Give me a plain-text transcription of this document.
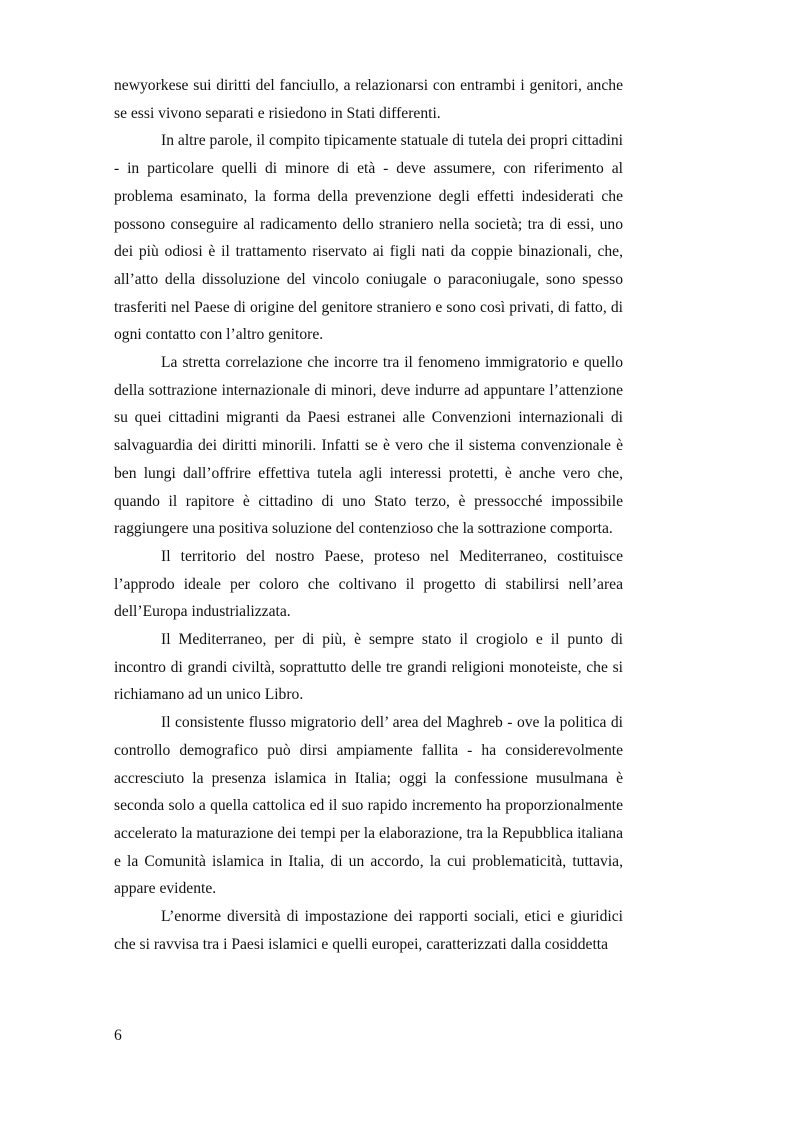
newyorkese sui diritti del fanciullo, a relazionarsi con entrambi i genitori, anche se essi vivono separati e risiedono in Stati differenti.

In altre parole, il compito tipicamente statuale di tutela dei propri cittadini - in particolare quelli di minore di età - deve assumere, con riferimento al problema esaminato, la forma della prevenzione degli effetti indesiderati che possono conseguire al radicamento dello straniero nella società; tra di essi, uno dei più odiosi è il trattamento riservato ai figli nati da coppie binazionali, che, all’atto della dissoluzione del vincolo coniugale o paraconiugale, sono spesso trasferiti nel Paese di origine del genitore straniero e sono così privati, di fatto, di ogni contatto con l’altro genitore.

La stretta correlazione che incorre tra il fenomeno immigratorio e quello della sottrazione internazionale di minori, deve indurre ad appuntare l’attenzione su quei cittadini migranti da Paesi estranei alle Convenzioni internazionali di salvaguardia dei diritti minorili. Infatti se è vero che il sistema convenzionale è ben lungi dall’offrire effettiva tutela agli interessi protetti, è anche vero che, quando il rapitore è cittadino di uno Stato terzo, è pressocché impossibile raggiungere una positiva soluzione del contenzioso che la sottrazione comporta.

Il territorio del nostro Paese, proteso nel Mediterraneo, costituisce l’approdo ideale per coloro che coltivano il progetto di stabilirsi nell’area dell’Europa industrializzata.

Il Mediterraneo, per di più, è sempre stato il crogiolo e il punto di incontro di grandi civiltà, soprattutto delle tre grandi religioni monoteiste, che si richiamano ad un unico Libro.

Il consistente flusso migratorio dell’ area del Maghreb - ove la politica di controllo demografico può dirsi ampiamente fallita - ha considerevolmente accresciuto la presenza islamica in Italia; oggi la confessione musulmana è seconda solo a quella cattolica ed il suo rapido incremento ha proporzionalmente accelerato la maturazione dei tempi per la elaborazione, tra la Repubblica italiana e la Comunità islamica in Italia, di un accordo, la cui problematicità, tuttavia, appare evidente.

L’enorme diversità di impostazione dei rapporti sociali, etici e giuridici che si ravvisa tra i Paesi islamici e quelli europei, caratterizzati dalla cosiddetta

6
